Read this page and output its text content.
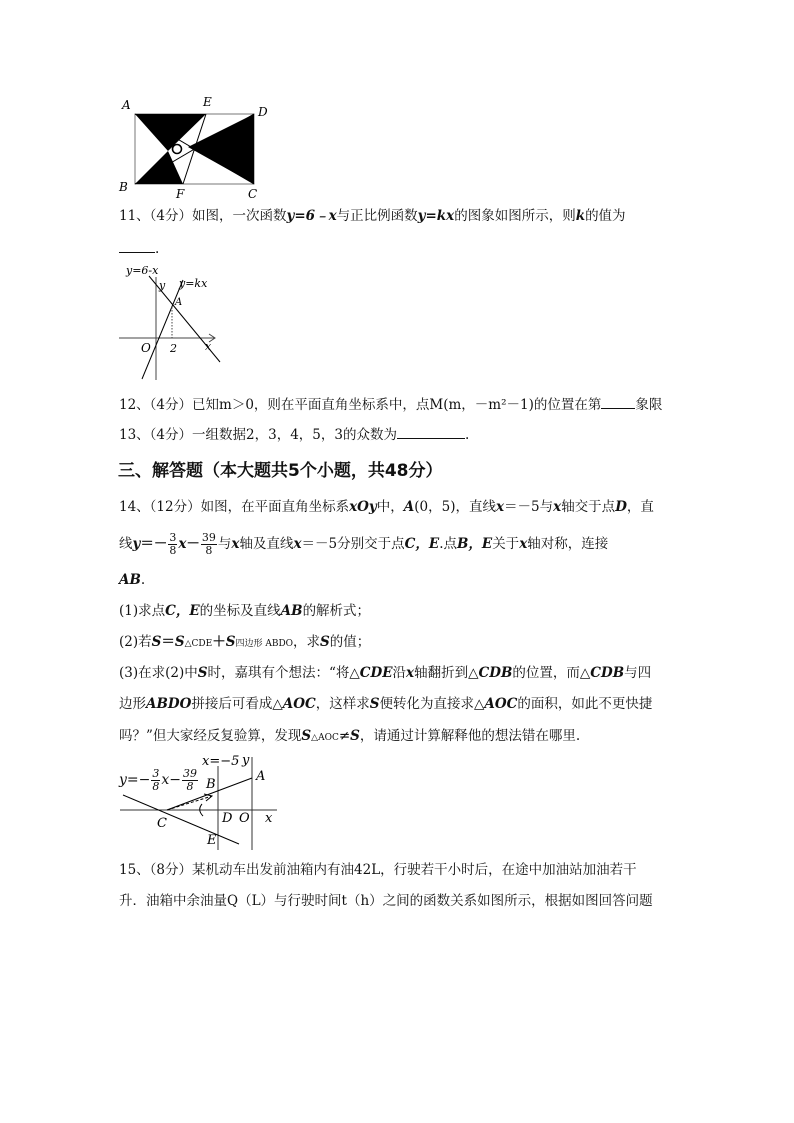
A	E
D
B	F	C
11、（4分）如图，一次函数y=6﹣x与正比例函数y=kx的图象如图所示，则k的值为
.
y=6-x
y=kx
y
A
O 2	x
12、（4分）已知m＞0，则在平面直角坐标系中，点M(m，－m²－1)的位置在第	象限
13、（4分）一组数据2，3，4，5，3的众数为	.
三、解答题（本大题共5个小题，共48分）
14、（12分）如图，在平面直角坐标系xOy中，A(0，5)，直线x＝－5与x轴交于点D，直
线$y=- \frac{3}{8} x- \frac{39}{8}$ 与x轴及直线x＝－5分别交于点C，E.点B，E关于x轴对称，连接
AB.
(1)求点C，E的坐标及直线AB的解析式；
(2)若S＝S△CDE＋S四边形 ABDO，求S的值；
(3)在求(2)中S时，嘉琪有个想法：“将△CDE沿x轴翻折到△CDB的位置，而△CDB与四
边形ABDO拼接后可看成△AOC，这样求S便转化为直接求△AOC的面积，如此不更快捷
吗？”但大家经反复验算，发现S△AOC≠S，请通过计算解释他的想法错在哪里.
$y=- \frac{3}{8} x- \frac{39}{8}$
x=−5 y
A
B
C	D O x
E
15、（8分）某机动车出发前油箱内有油42L，行驶若干小时后，在途中加油站加油若干
升．油箱中余油量Q（L）与行驶时间t（h）之间的函数关系如图所示，根据如图回答问题
